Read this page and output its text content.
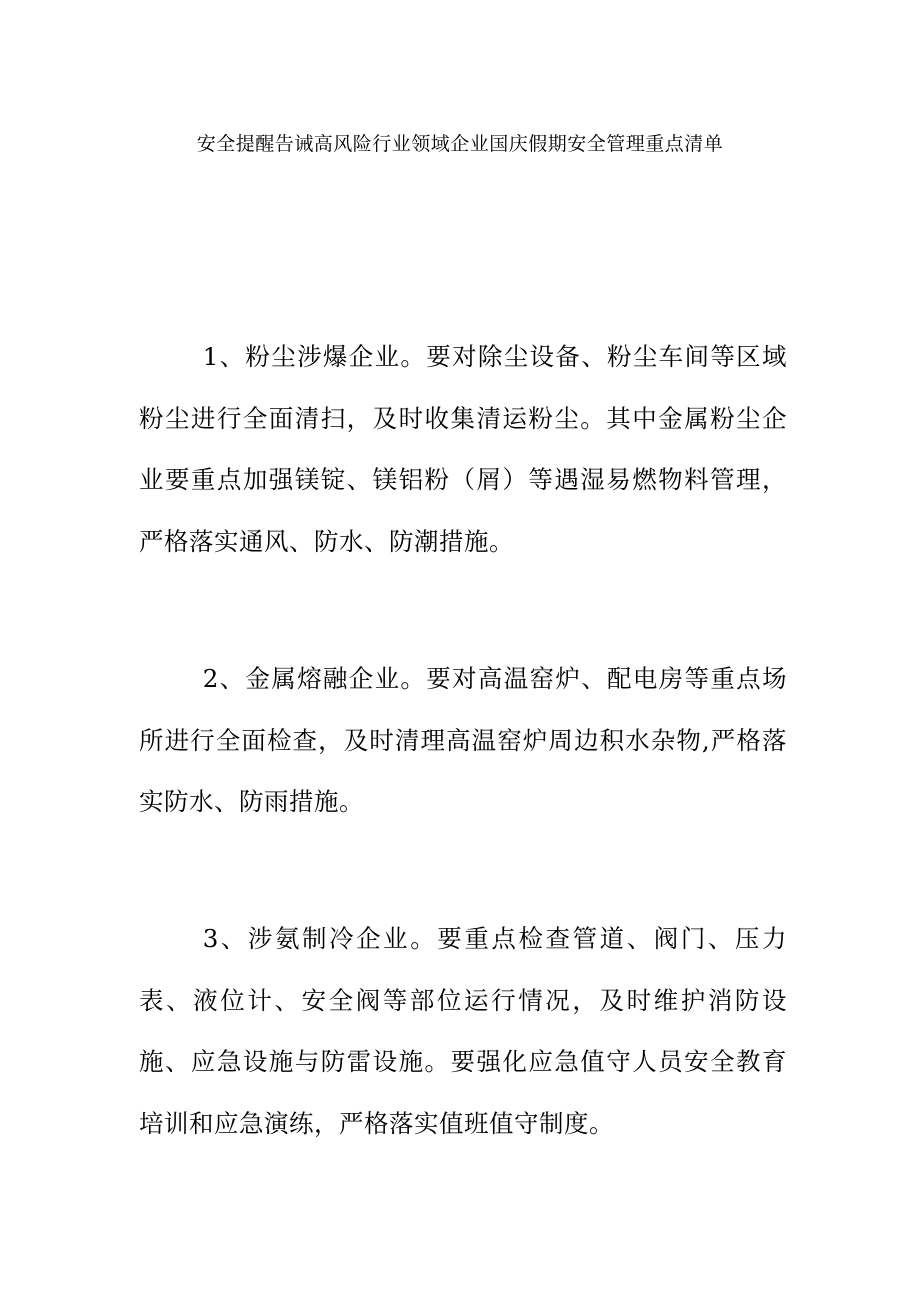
安全提醒告诫高风险行业领域企业国庆假期安全管理重点清单

1、粉尘涉爆企业。要对除尘设备、粉尘车间等区域粉尘进行全面清扫，及时收集清运粉尘。其中金属粉尘企业要重点加强镁锭、镁铝粉（屑）等遇湿易燃物料管理，严格落实通风、防水、防潮措施。

2、金属熔融企业。要对高温窑炉、配电房等重点场所进行全面检查，及时清理高温窑炉周边积水杂物,严格落实防水、防雨措施。

3、涉氨制冷企业。要重点检查管道、阀门、压力表、液位计、安全阀等部位运行情况，及时维护消防设施、应急设施与防雷设施。要强化应急值守人员安全教育培训和应急演练，严格落实值班值守制度。
